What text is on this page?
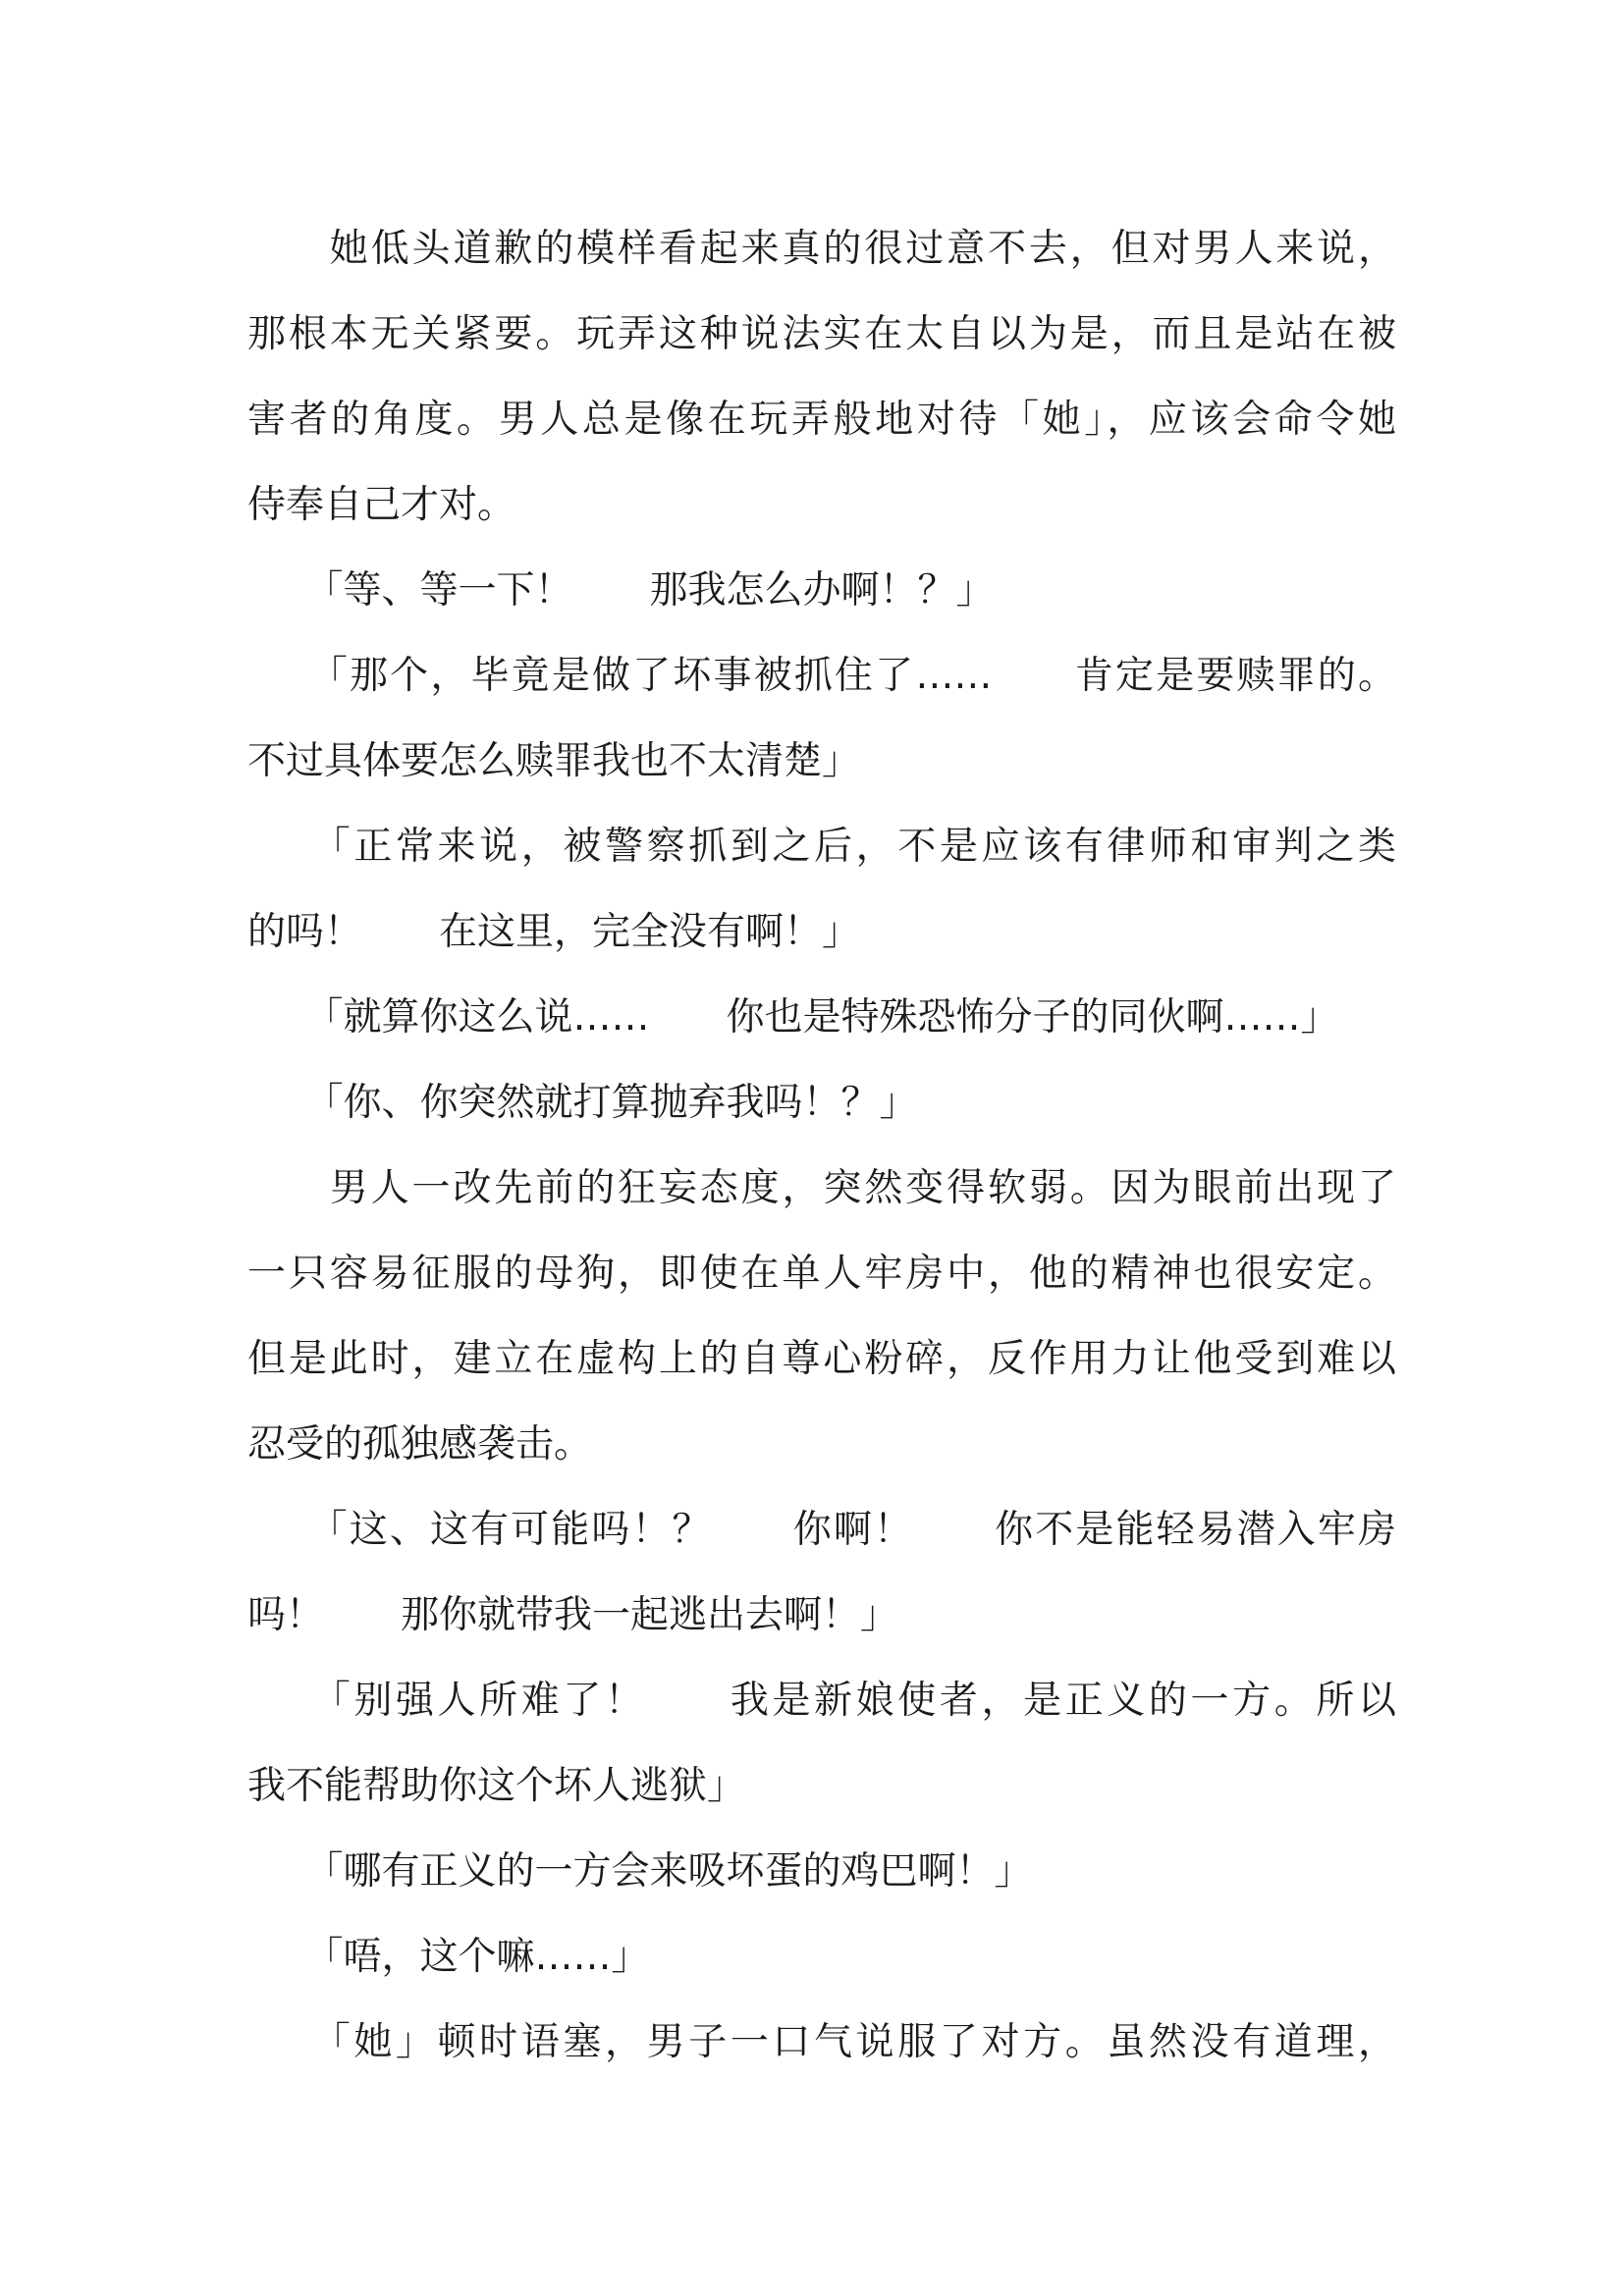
　　她低头道歉的模样看起来真的很过意不去，但对男人来说，
那根本无关紧要。玩弄这种说法实在太自以为是，而且是站在被
害者的角度。男人总是像在玩弄般地对待「她」，应该会命令她
侍奉自己才对。
　　「等、等一下！　　那我怎么办啊！？」
　　「那个，毕竟是做了坏事被抓住了……　　肯定是要赎罪的。
不过具体要怎么赎罪我也不太清楚」
　　「正常来说，被警察抓到之后，不是应该有律师和审判之类
的吗！　　在这里，完全没有啊！」
　　「就算你这么说……　　你也是特殊恐怖分子的同伙啊……」
　　「你、你突然就打算抛弃我吗！？」
　　男人一改先前的狂妄态度，突然变得软弱。因为眼前出现了
一只容易征服的母狗，即使在单人牢房中，他的精神也很安定。
但是此时，建立在虚构上的自尊心粉碎，反作用力让他受到难以
忍受的孤独感袭击。
　　「这、这有可能吗！？　　你啊！　　你不是能轻易潜入牢房
吗！　　那你就带我一起逃出去啊！」
　　「别强人所难了！　　我是新娘使者，是正义的一方。所以
我不能帮助你这个坏人逃狱」
　　「哪有正义的一方会来吸坏蛋的鸡巴啊！」
　　「唔，这个嘛……」
　　「她」顿时语塞，男子一口气说服了对方。虽然没有道理，
